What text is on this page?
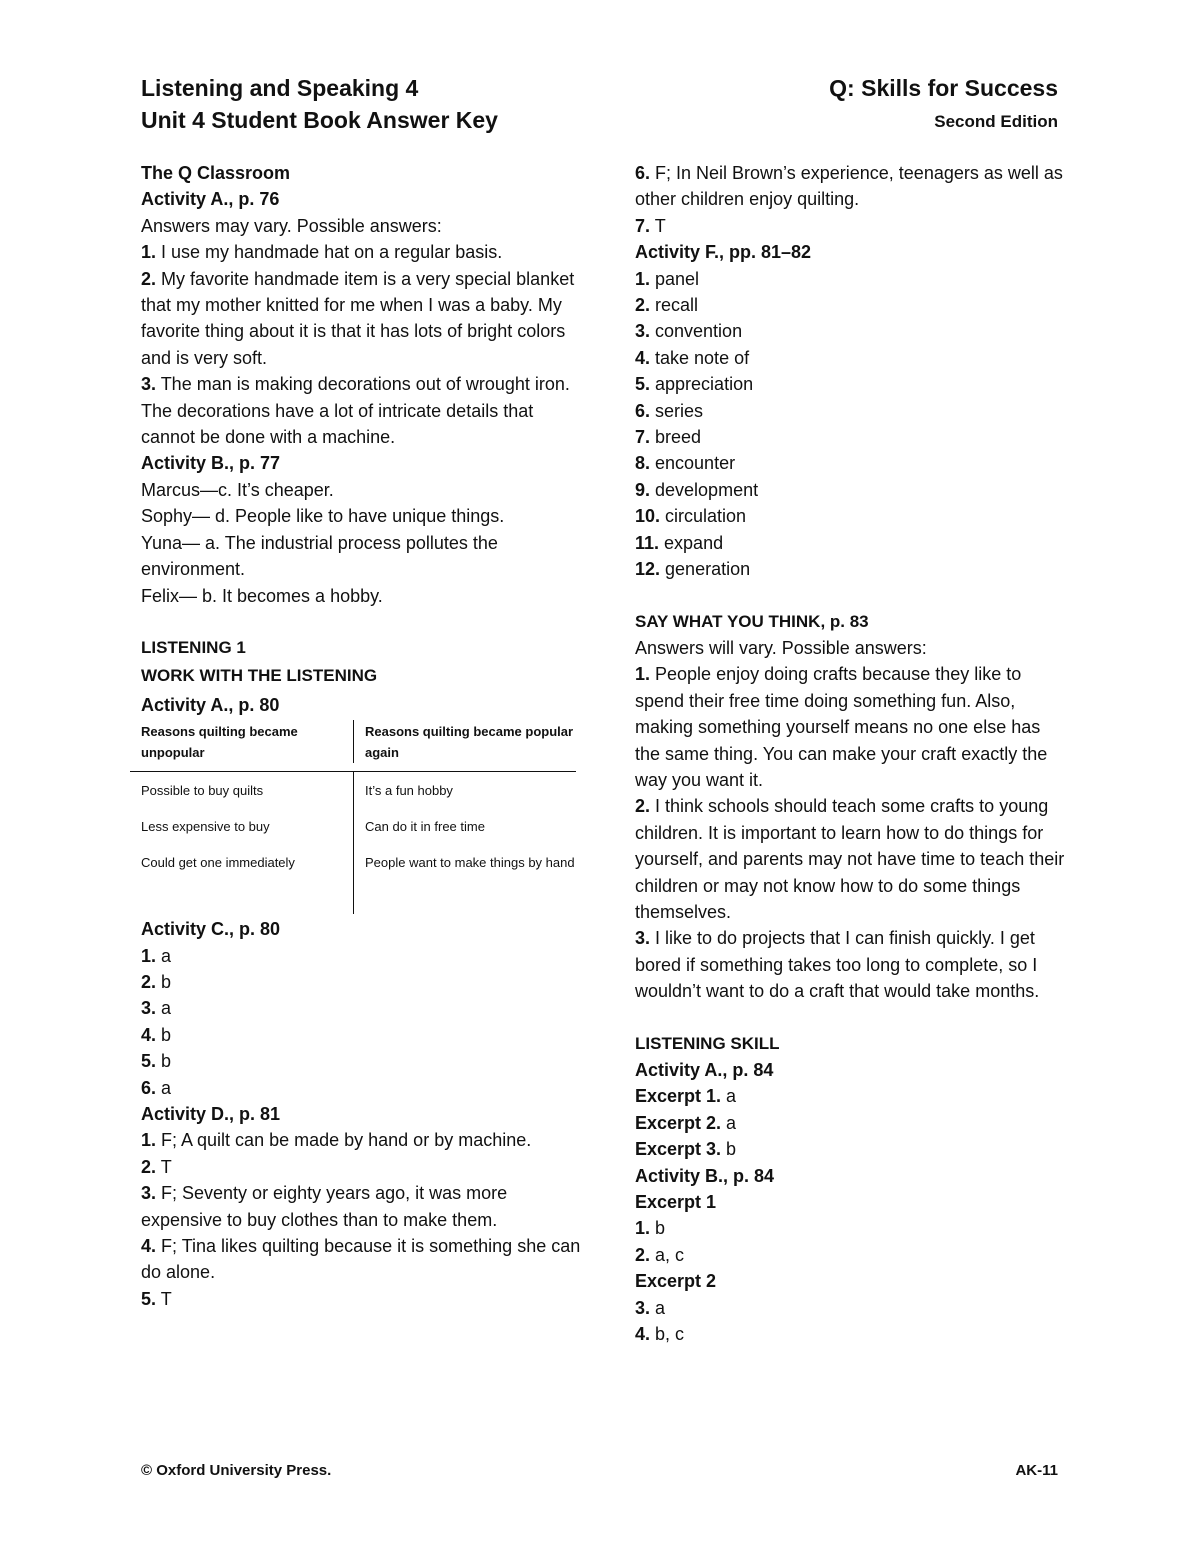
Listening and Speaking 4
Unit 4 Student Book Answer Key
Q: Skills for Success
Second Edition
The Q Classroom
Activity A., p. 76
Answers may vary. Possible answers:
1. I use my handmade hat on a regular basis.
2. My favorite handmade item is a very special blanket that my mother knitted for me when I was a baby. My favorite thing about it is that it has lots of bright colors and is very soft.
3. The man is making decorations out of wrought iron. The decorations have a lot of intricate details that cannot be done with a machine.
Activity B., p. 77
Marcus—c. It’s cheaper.
Sophy— d. People like to have unique things.
Yuna— a. The industrial process pollutes the environment.
Felix— b. It becomes a hobby.
LISTENING 1
WORK WITH THE LISTENING
Activity A., p. 80
Reasons quilting became unpopular
Reasons quilting became popular again
Possible to buy quilts	It’s a fun hobby
Less expensive to buy	Can do it in free time
Could get one immediately	People want to make things by hand
Activity C., p. 80
1. a
2. b
3. a
4. b
5. b
6. a
Activity D., p. 81
1. F; A quilt can be made by hand or by machine.
2. T
3. F; Seventy or eighty years ago, it was more expensive to buy clothes than to make them.
4. F; Tina likes quilting because it is something she can do alone.
5. T
6. F; In Neil Brown’s experience, teenagers as well as other children enjoy quilting.
7. T
Activity F., pp. 81–82
1. panel
2. recall
3. convention
4. take note of
5. appreciation
6. series
7. breed
8. encounter
9. development
10. circulation
11. expand
12. generation
SAY WHAT YOU THINK, p. 83
Answers will vary. Possible answers:
1. People enjoy doing crafts because they like to spend their free time doing something fun. Also, making something yourself means no one else has the same thing. You can make your craft exactly the way you want it.
2. I think schools should teach some crafts to young children. It is important to learn how to do things for yourself, and parents may not have time to teach their children or may not know how to do some things themselves.
3. I like to do projects that I can finish quickly. I get bored if something takes too long to complete, so I wouldn’t want to do a craft that would take months.
LISTENING SKILL
Activity A., p. 84
Excerpt 1. a
Excerpt 2. a
Excerpt 3. b
Activity B., p. 84
Excerpt 1
1. b
2. a, c
Excerpt 2
3. a
4. b, c
© Oxford University Press.	AK-11
